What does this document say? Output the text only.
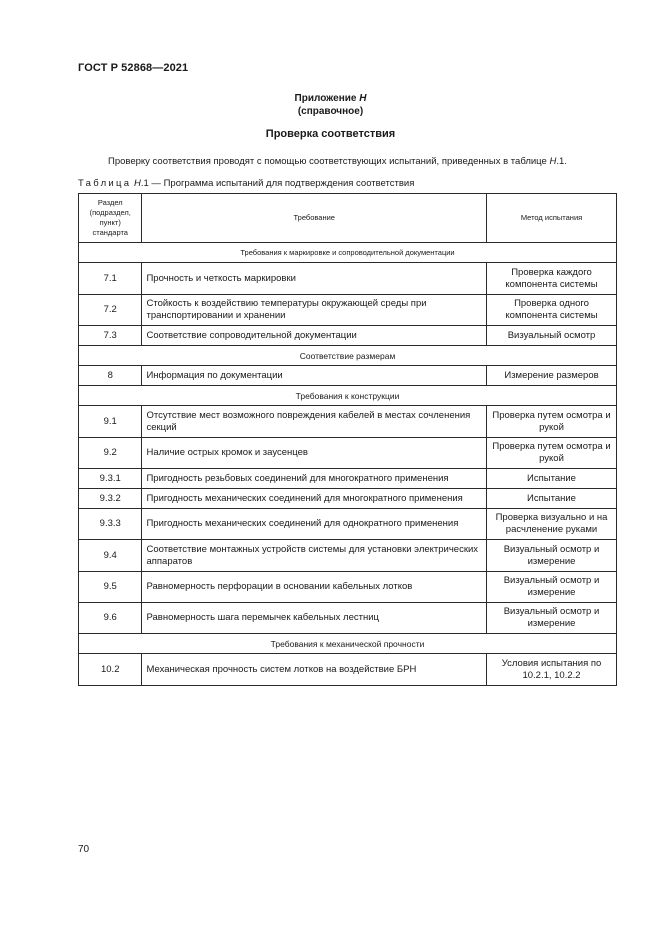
ГОСТ Р 52868—2021
Приложение Н
(справочное)
Проверка соответствия
Проверку соответствия проводят с помощью соответствующих испытаний, приведенных в таблице Н.1.
Таблица Н.1 — Программа испытаний для подтверждения соответствия
Раздел (подраздел, пункт) стандарта	Требование	Метод испытания
Требования к маркировке и сопроводительной документации		
7.1	Прочность и четкость маркировки	Проверка каждого компонента системы
7.2	Стойкость к воздействию температуры окружающей среды при транспортировании и хранении	Проверка одного компонента системы
7.3	Соответствие сопроводительной документации	Визуальный осмотр
Соответствие размерам		
8	Информация по документации	Измерение размеров
Требования к конструкции		
9.1	Отсутствие мест возможного повреждения кабелей в местах сочленения секций	Проверка путем осмотра и рукой
9.2	Наличие острых кромок и заусенцев	Проверка путем осмотра и рукой
9.3.1	Пригодность резьбовых соединений для многократного применения	Испытание
9.3.2	Пригодность механических соединений для многократного применения	Испытание
9.3.3	Пригодность механических соединений для однократного применения	Проверка визуально и на расчленение руками
9.4	Соответствие монтажных устройств системы для установки электрических аппаратов	Визуальный осмотр и измерение
9.5	Равномерность перфорации в основании кабельных лотков	Визуальный осмотр и измерение
9.6	Равномерность шага перемычек кабельных лестниц	Визуальный осмотр и измерение
Требования к механической прочности		
10.2	Механическая прочность систем лотков на воздействие БРН	Условия испытания по 10.2.1, 10.2.2
70
